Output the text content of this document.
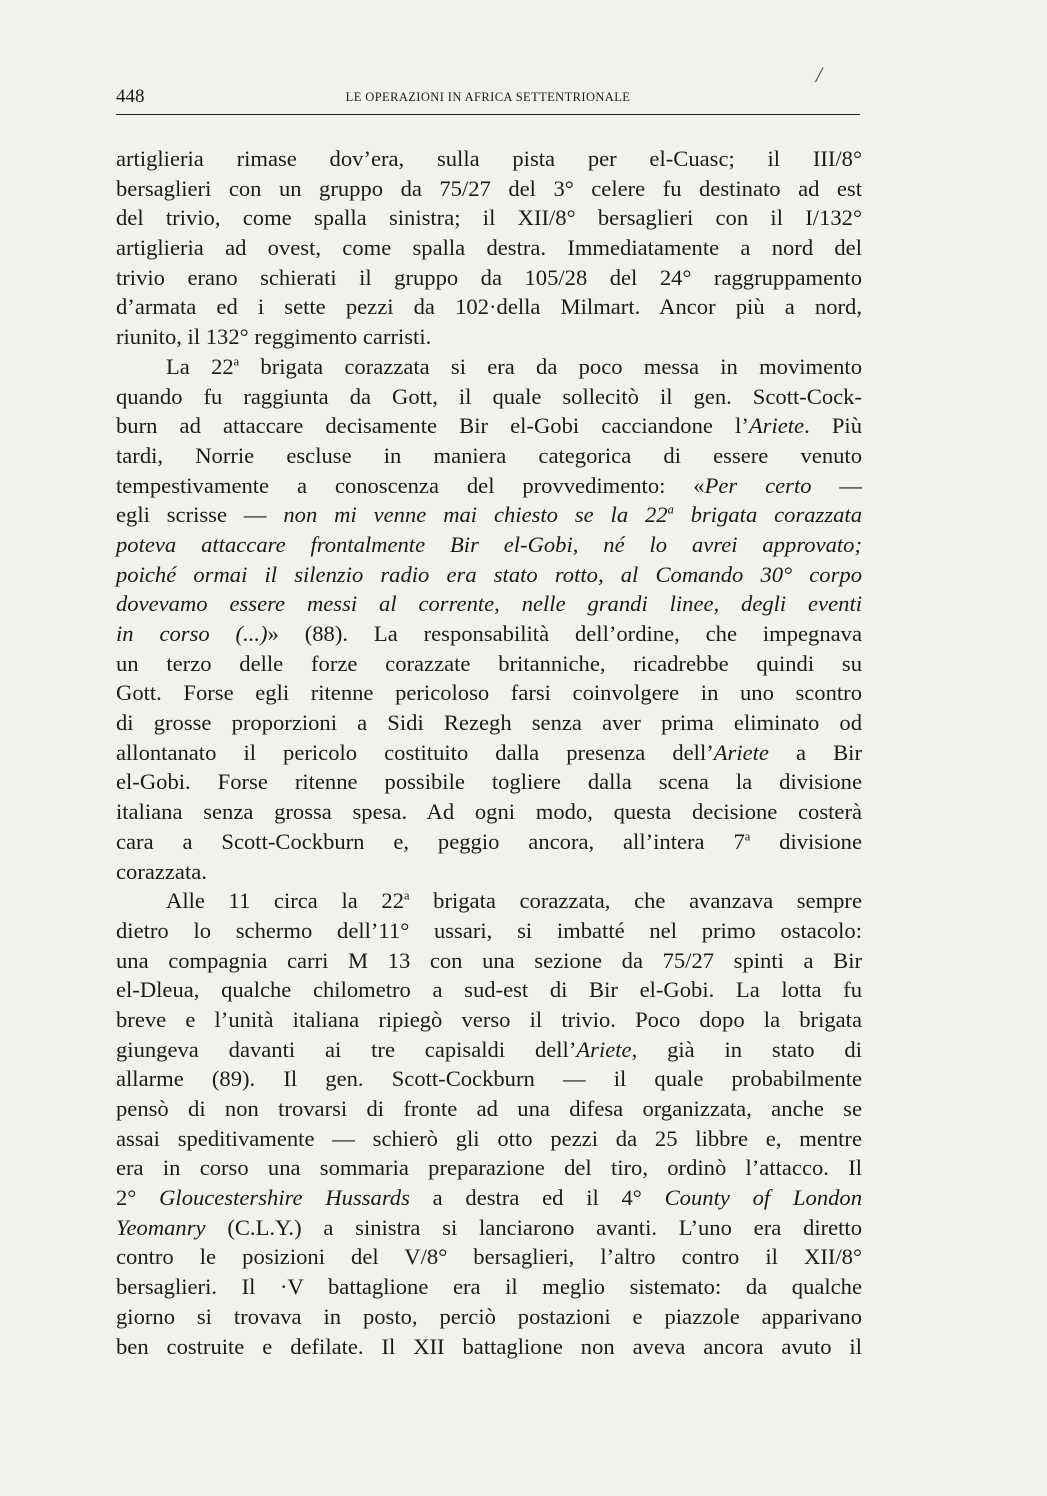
448	LE OPERAZIONI IN AFRICA SETTENTRIONALE
/
artiglieria rimase dov’era, sulla pista per el-Cuasc; il III/8°
bersaglieri con un gruppo da 75/27 del 3° celere fu destinato ad est
del trivio, come spalla sinistra; il XII/8° bersaglieri con il I/132°
artiglieria ad ovest, come spalla destra. Immediatamente a nord del
trivio erano schierati il gruppo da 105/28 del 24° raggruppamento
d’armata ed i sette pezzi da 102·della Milmart. Ancor più a nord,
riunito, il 132° reggimento carristi.
La 22$^a$ brigata corazzata si era da poco messa in movimento
quando fu raggiunta da Gott, il quale sollecitò il gen. Scott-Cock-
burn ad attaccare decisamente Bir el-Gobi cacciandone l’Ariete. Più
tardi, Norrie escluse in maniera categorica di essere venuto
tempestivamente a conoscenza del provvedimento: «Per certo —
egli scrisse — non mi venne mai chiesto se la 22$^a$ brigata corazzata
poteva attaccare frontalmente Bir el-Gobi, né lo avrei approvato;
poiché ormai il silenzio radio era stato rotto, al Comando 30° corpo
dovevamo essere messi al corrente, nelle grandi linee, degli eventi
in corso (...)» (88). La responsabilità dell’ordine, che impegnava
un terzo delle forze corazzate britanniche, ricadrebbe quindi su
Gott. Forse egli ritenne pericoloso farsi coinvolgere in uno scontro
di grosse proporzioni a Sidi Rezegh senza aver prima eliminato od
allontanato il pericolo costituito dalla presenza dell’Ariete a Bir
el-Gobi. Forse ritenne possibile togliere dalla scena la divisione
italiana senza grossa spesa. Ad ogni modo, questa decisione costerà
cara a Scott-Cockburn e, peggio ancora, all’intera 7$^a$ divisione
corazzata.
Alle 11 circa la 22$^a$ brigata corazzata, che avanzava sempre
dietro lo schermo dell’11° ussari, si imbatté nel primo ostacolo:
una compagnia carri M 13 con una sezione da 75/27 spinti a Bir
el-Dleua, qualche chilometro a sud-est di Bir el-Gobi. La lotta fu
breve e l’unità italiana ripiegò verso il trivio. Poco dopo la brigata
giungeva davanti ai tre capisaldi dell’Ariete, già in stato di
allarme (89). Il gen. Scott-Cockburn — il quale probabilmente
pensò di non trovarsi di fronte ad una difesa organizzata, anche se
assai speditivamente — schierò gli otto pezzi da 25 libbre e, mentre
era in corso una sommaria preparazione del tiro, ordinò l’attacco. Il
2° Gloucestershire Hussards a destra ed il 4° County of London
Yeomanry (C.L.Y.) a sinistra si lanciarono avanti. L’uno era diretto
contro le posizioni del V/8° bersaglieri, l’altro contro il XII/8°
bersaglieri. Il ·V battaglione era il meglio sistemato: da qualche
giorno si trovava in posto, perciò postazioni e piazzole apparivano
ben costruite e defilate. Il XII battaglione non aveva ancora avuto il
